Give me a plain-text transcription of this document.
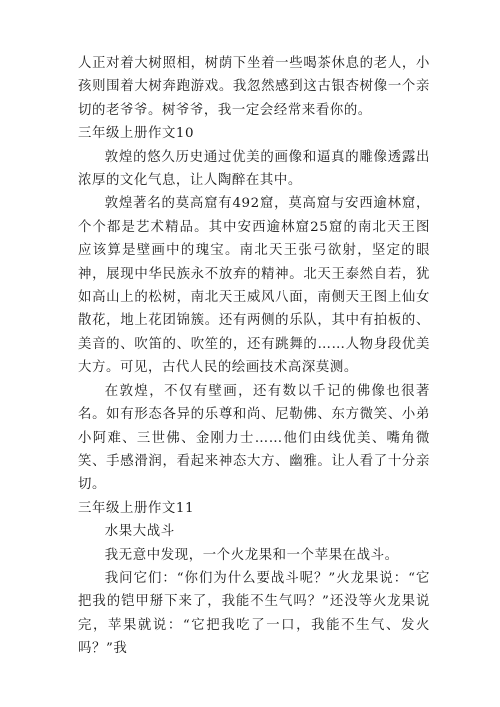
人正对着大树照相，树荫下坐着一些喝茶休息的老人，小孩则围着大树奔跑游戏。我忽然感到这古银杏树像一个亲切的老爷爷。树爷爷，我一定会经常来看你的。

三年级上册作文10

敦煌的悠久历史通过优美的画像和逼真的雕像透露出浓厚的文化气息，让人陶醉在其中。

敦煌著名的莫高窟有492窟，莫高窟与安西逾林窟，个个都是艺术精品。其中安西逾林窟25窟的南北天王图应该算是壁画中的瑰宝。南北天王张弓欲射，坚定的眼神，展现中华民族永不放弃的精神。北天王泰然自若，犹如高山上的松树，南北天王威风八面，南侧天王图上仙女散花，地上花团锦簇。还有两侧的乐队，其中有拍板的、美音的、吹笛的、吹笙的，还有跳舞的……人物身段优美大方。可见，古代人民的绘画技术高深莫测。

在敦煌，不仅有壁画，还有数以千记的佛像也很著名。如有形态各异的乐尊和尚、尼勒佛、东方微笑、小弟小阿难、三世佛、金刚力士……他们由线优美、嘴角微笑、手感滑润，看起来神态大方、幽雅。让人看了十分亲切。

三年级上册作文11

水果大战斗

我无意中发现，一个火龙果和一个苹果在战斗。

我问它们：“你们为什么要战斗呢？”火龙果说：“它把我的铠甲掰下来了，我能不生气吗？”还没等火龙果说完，苹果就说：“它把我吃了一口，我能不生气、发火吗？”我
